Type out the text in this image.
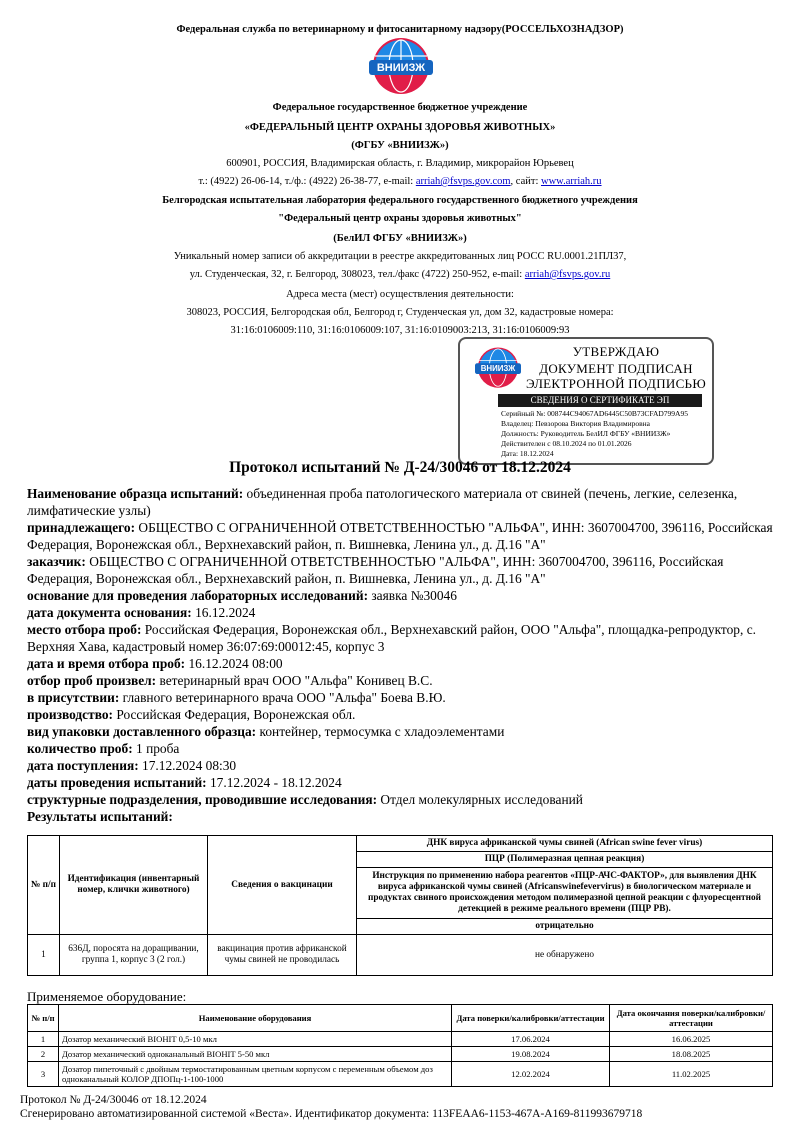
Федеральная служба по ветеринарному и фитосанитарному надзору(РОССЕЛЬХОЗНАДЗОР)
ВНИИЗЖ
Федеральное государственное бюджетное учреждение
«ФЕДЕРАЛЬНЫЙ ЦЕНТР ОХРАНЫ ЗДОРОВЬЯ ЖИВОТНЫХ»
(ФГБУ «ВНИИЗЖ»)
600901, РОССИЯ, Владимирская область, г. Владимир, микрорайон Юрьевец
т.: (4922) 26-06-14, т./ф.: (4922) 26-38-77, e-mail: arriah@fsvps.gov.com, сайт: www.arriah.ru
Белгородская испытательная лаборатория федерального государственного бюджетного учреждения
"Федеральный центр охраны здоровья животных"
(БелИЛ ФГБУ «ВНИИЗЖ»)
Уникальный номер записи об аккредитации в реестре аккредитованных лиц РОСС RU.0001.21ПЛ37,
ул. Студенческая, 32, г. Белгород, 308023, тел./факс (4722) 250-952, e-mail: arriah@fsvps.gov.ru
Адреса места (мест) осуществления деятельности:
308023, РОССИЯ, Белгородская обл, Белгород г, Студенческая ул, дом 32, кадастровые номера:
31:16:0106009:110, 31:16:0106009:107, 31:16:0109003:213, 31:16:0106009:93
ВНИИЗЖ
УТВЕРЖДАЮ
ДОКУМЕНТ ПОДПИСАН
ЭЛЕКТРОННОЙ ПОДПИСЬЮ
СВЕДЕНИЯ О СЕРТИФИКАТЕ ЭП
Серийный №: 008744C94067AD6445C50B73CFAD799A95
Владелец: Певзорова Виктория Владимировна
Должность: Руководитель БелИЛ ФГБУ «ВНИИЗЖ»
Действителен с 08.10.2024 по 01.01.2026
Дата: 18.12.2024
Протокол испытаний № Д-24/30046 от 18.12.2024

Наименование образца испытаний: объединенная проба патологического материала от свиней (печень, легкие, селезенка, лимфатические узлы)

принадлежащего: ОБЩЕСТВО С ОГРАНИЧЕННОЙ ОТВЕТСТВЕННОСТЬЮ "АЛЬФА", ИНН: 3607004700, 396116, Российская Федерация, Воронежская обл., Верхнехавский район, п. Вишневка, Ленина ул., д. Д.16 "А"

заказчик: ОБЩЕСТВО С ОГРАНИЧЕННОЙ ОТВЕТСТВЕННОСТЬЮ "АЛЬФА", ИНН: 3607004700, 396116, Российская Федерация, Воронежская обл., Верхнехавский район, п. Вишневка, Ленина ул., д. Д.16 "А"

основание для проведения лабораторных исследований: заявка №30046

дата документа основания: 16.12.2024

место отбора проб: Российская Федерация, Воронежская обл., Верхнехавский район, ООО "Альфа", площадка-репродуктор, с. Верхняя Хава, кадастровый номер 36:07:69:00012:45, корпус 3

дата и время отбора проб: 16.12.2024 08:00

отбор проб произвел: ветеринарный врач ООО "Альфа" Конивец В.С.

в присутствии: главного ветеринарного врача ООО "Альфа" Боева В.Ю.

производство: Российская Федерация, Воронежская обл.

вид упаковки доставленного образца: контейнер, термосумка с хладоэлементами

количество проб: 1 проба

дата поступления: 17.12.2024 08:30

даты проведения испытаний: 17.12.2024 - 18.12.2024

структурные подразделения, проводившие исследования: Отдел молекулярных исследований

Результаты испытаний:

№ п/п	Идентификация (инвентарный номер, клички животного)	Сведения о вакцинации	ДНК вируса африканской чумы свиней (African swine fever virus)
			ПЦР (Полимеразная цепная реакция)
			Инструкция по применению набора реагентов «ПЦР-АЧС-ФАКТОР», для выявления ДНК вируса африканской чумы свиней (Africanswinefevervirus) в биологическом материале и продуктах свиного происхождения методом полимеразной цепной реакции с флуоресцентной детекцией в режиме реального времени (ПЦР РВ).
			отрицательно
1	636Д, поросята на доращивании, группа 1, корпус 3 (2 гол.)	вакцинация против африканской чумы свиней не проводилась	не обнаружено
Применяемое оборудование:
№ п/п	Наименование оборудования	Дата поверки/калибровки/аттестации	Дата окончания поверки/калибровки/аттестации
1	Дозатор механический BIOHIT 0,5-10 мкл	17.06.2024	16.06.2025
2	Дозатор механический одноканальный BIOHIT 5-50 мкл	19.08.2024	18.08.2025
3	Дозатор пипеточный с двойным термостатированным цветным корпусом с переменным объемом доз одноканальный КОЛОР ДПОПц-1-100-1000	12.02.2024	11.02.2025
Протокол № Д-24/30046 от 18.12.2024
Сгенерировано автоматизированной системой «Веста». Идентификатор документа: 113FEAA6-1153-467A-A169-811993679718
